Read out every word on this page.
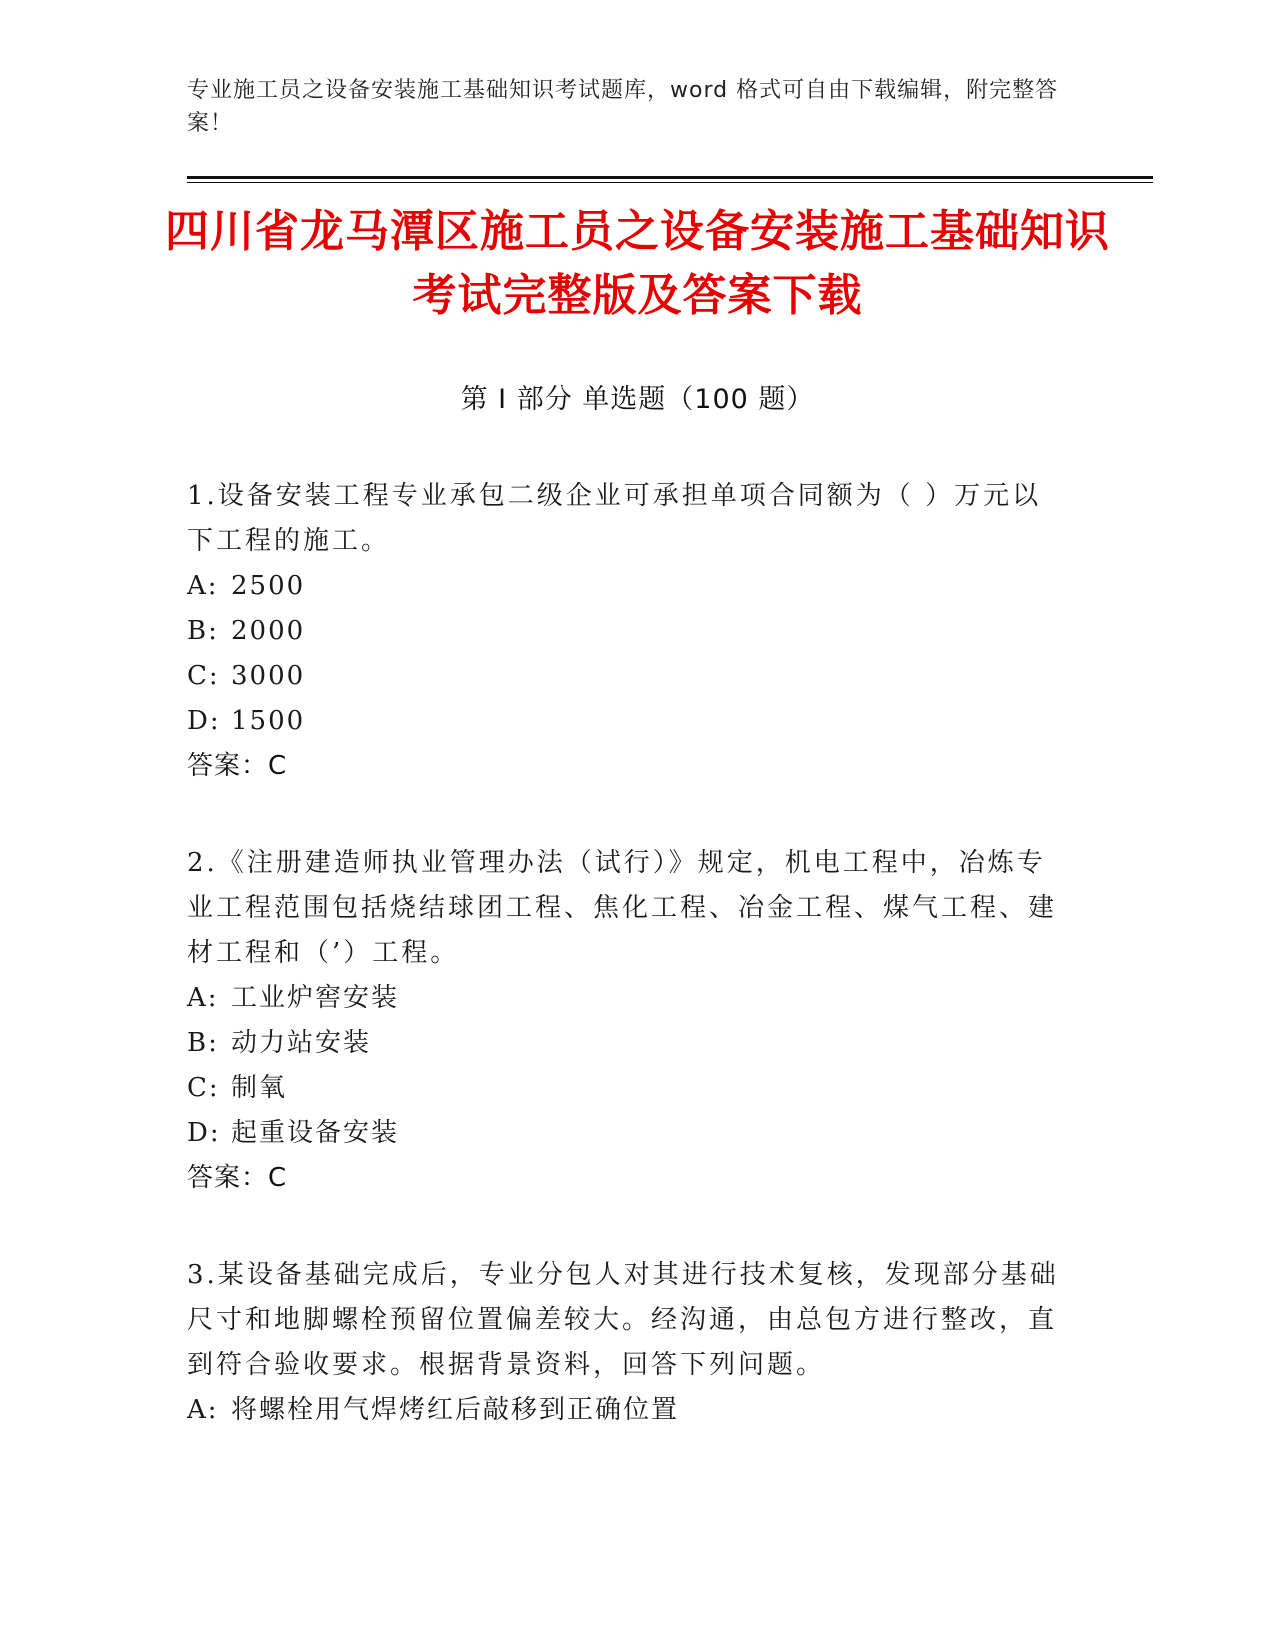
专业施工员之设备安装施工基础知识考试题库，word 格式可自由下载编辑，附完整答案！
四川省龙马潭区施工员之设备安装施工基础知识考试完整版及答案下载
第 I 部分 单选题（100 题）
1.设备安装工程专业承包二级企业可承担单项合同额为（ ）万元以下工程的施工。
A: 2500
B: 2000
C: 3000
D: 1500
答案：C
2.《注册建造师执业管理办法（试行）》规定，机电工程中，冶炼专业工程范围包括烧结球团工程、焦化工程、冶金工程、煤气工程、建材工程和（’）工程。
A: 工业炉窖安装
B: 动力站安装
C: 制氧
D: 起重设备安装
答案：C
3.某设备基础完成后，专业分包人对其进行技术复核，发现部分基础尺寸和地脚螺栓预留位置偏差较大。经沟通，由总包方进行整改，直到符合验收要求。根据背景资料，回答下列问题。
A: 将螺栓用气焊烤红后敲移到正确位置
